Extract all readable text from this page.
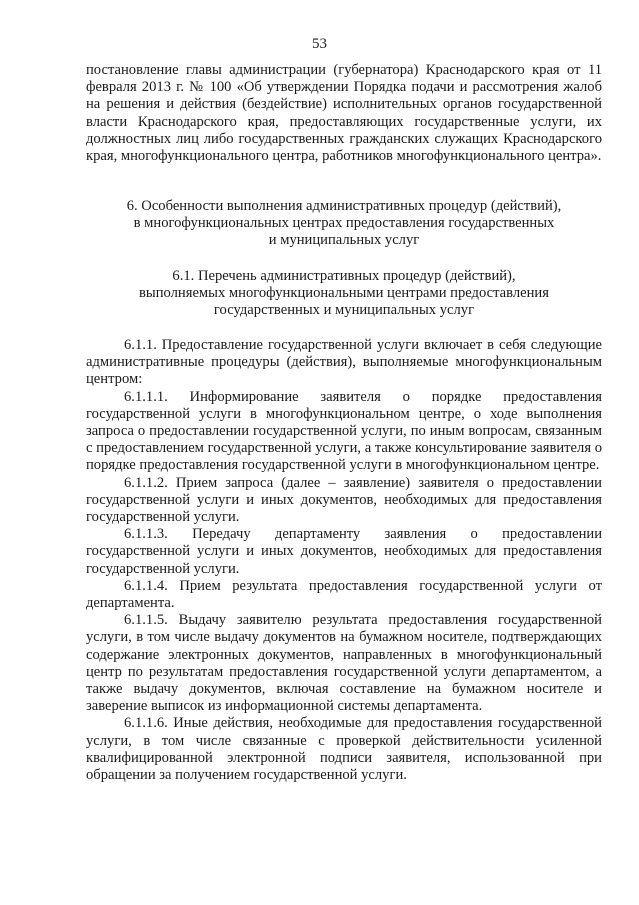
53

постановление главы администрации (губернатора) Краснодарского края от 11 февраля 2013 г. № 100 «Об утверждении Порядка подачи и рассмотрения жалоб на решения и действия (бездействие) исполнительных органов государственной власти Краснодарского края, предоставляющих государственные услуги, их должностных лиц либо государственных гражданских служащих Краснодарского края, многофункционального центра, работников многофункционального центра».

6. Особенности выполнения административных процедур (действий),
в многофункциональных центрах предоставления государственных
и муниципальных услуг
6.1. Перечень административных процедур (действий),
выполняемых многофункциональными центрами предоставления
государственных и муниципальных услуг

6.1.1. Предоставление государственной услуги включает в себя следующие административные процедуры (действия), выполняемые многофункциональным центром:

6.1.1.1. Информирование заявителя о порядке предоставления государственной услуги в многофункциональном центре, о ходе выполнения запроса о предоставлении государственной услуги, по иным вопросам, связанным с предоставлением государственной услуги, а также консультирование заявителя о порядке предоставления государственной услуги в многофункциональном центре.

6.1.1.2. Прием запроса (далее – заявление) заявителя о предоставлении государственной услуги и иных документов, необходимых для предоставления государственной услуги.

6.1.1.3. Передачу департаменту заявления о предоставлении государственной услуги и иных документов, необходимых для предоставления государственной услуги.

6.1.1.4. Прием результата предоставления государственной услуги от департамента.

6.1.1.5. Выдачу заявителю результата предоставления государственной услуги, в том числе выдачу документов на бумажном носителе, подтверждающих содержание электронных документов, направленных в многофункциональный центр по результатам предоставления государственной услуги департаментом, а также выдачу документов, включая составление на бумажном носителе и заверение выписок из информационной системы департамента.

6.1.1.6. Иные действия, необходимые для предоставления государственной услуги, в том числе связанные с проверкой действительности усиленной квалифицированной электронной подписи заявителя, использованной при обращении за получением государственной услуги.
